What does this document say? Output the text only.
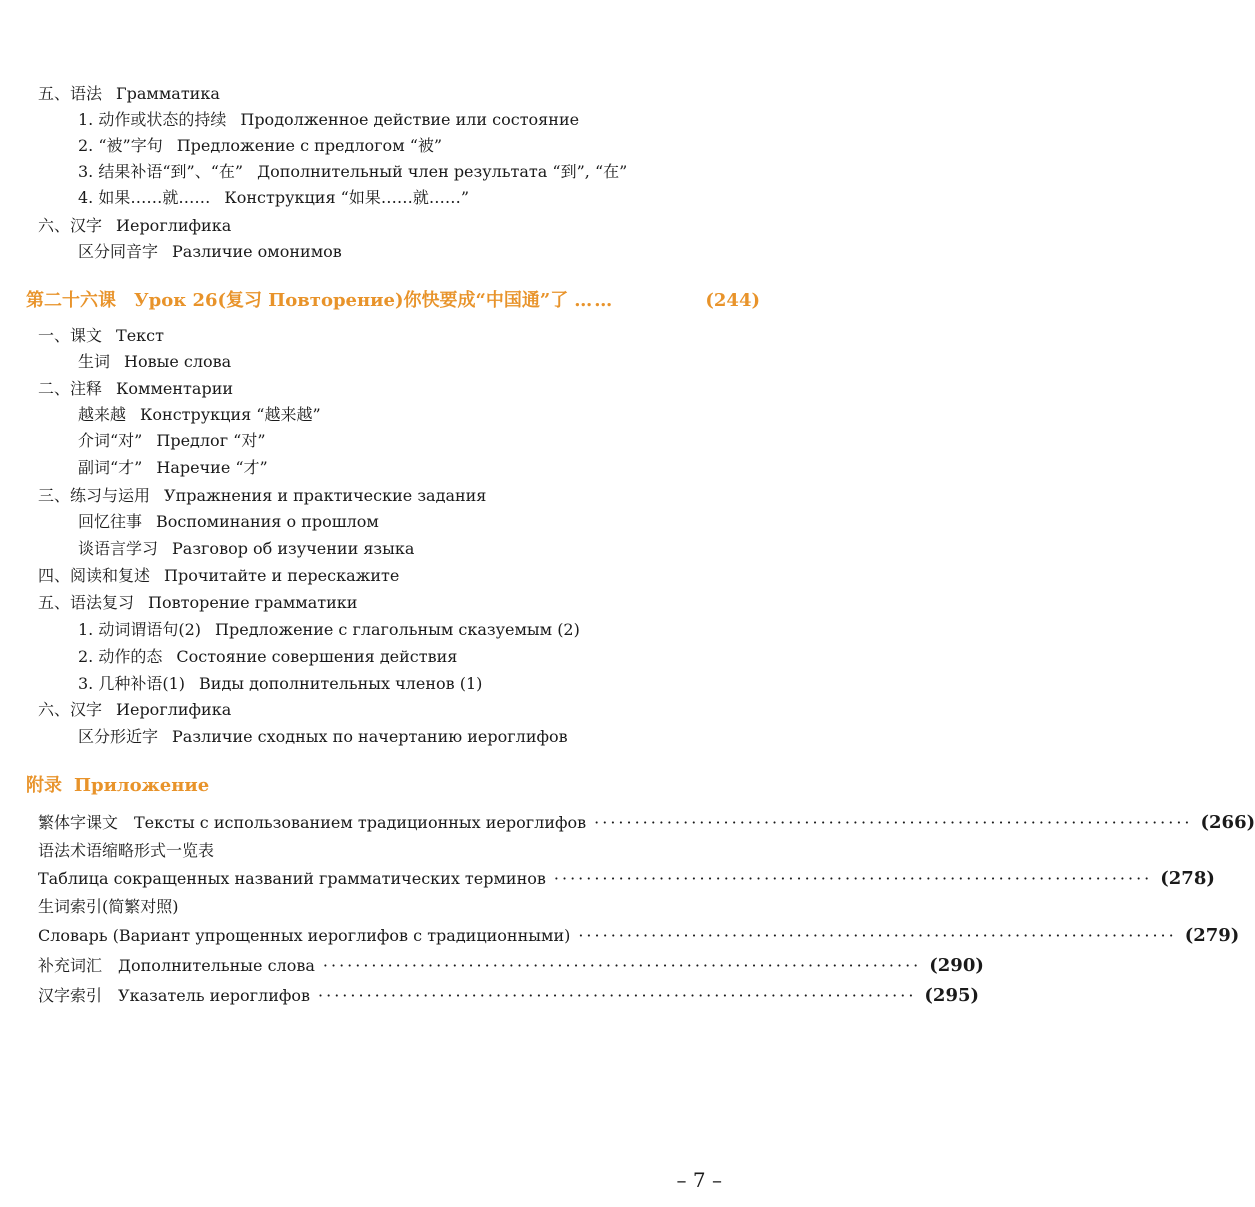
五、语法 Грамматика
1. 动作或状态的持续 Продолженное действие или состояние
2. “被”字句 Предложение с предлогом “被”
3. 结果补语“到”、“在” Дополнительный член результата “到”, “在”
4. 如果……就…… Конструкция “如果……就……”
六、汉字 Иероглифика
区分同音字 Различие омонимов
第二十六课　Урок 26(复习 Повторение)你快要成“中国通”了 ……	(244)
一、课文 Текст
生词 Новые слова
二、注释 Комментарии
越来越 Конструкция “越来越”
介词“对” Предлог “对”
副词“才” Наречие “才”
三、练习与运用 Упражнения и практические задания
回忆往事 Воспоминания о прошлом
谈语言学习 Разговор об изучении языка
四、阅读和复述 Прочитайте и перескажите
五、语法复习 Повторение грамматики
1. 动词谓语句(2) Предложение с глагольным сказуемым (2)
2. 动作的态 Состояние совершения действия
3. 几种补语(1) Виды дополнительных членов (1)
六、汉字 Иероглифика
区分形近字 Различие сходных по начертанию иероглифов
附录 Приложение
繁体字课文　Тексты с использованием традиционных иероглифов ·········································································· (266)
语法术语缩略形式一览表
Таблица сокращенных названий грамматических терминов ·········································································· (278)
生词索引(简繁对照)
Словарь (Вариант упрощенных иероглифов с традиционными) ·········································································· (279)
补充词汇　Дополнительные слова ·········································································· (290)
汉字索引　Указатель иероглифов ·········································································· (295)
– 7 –
